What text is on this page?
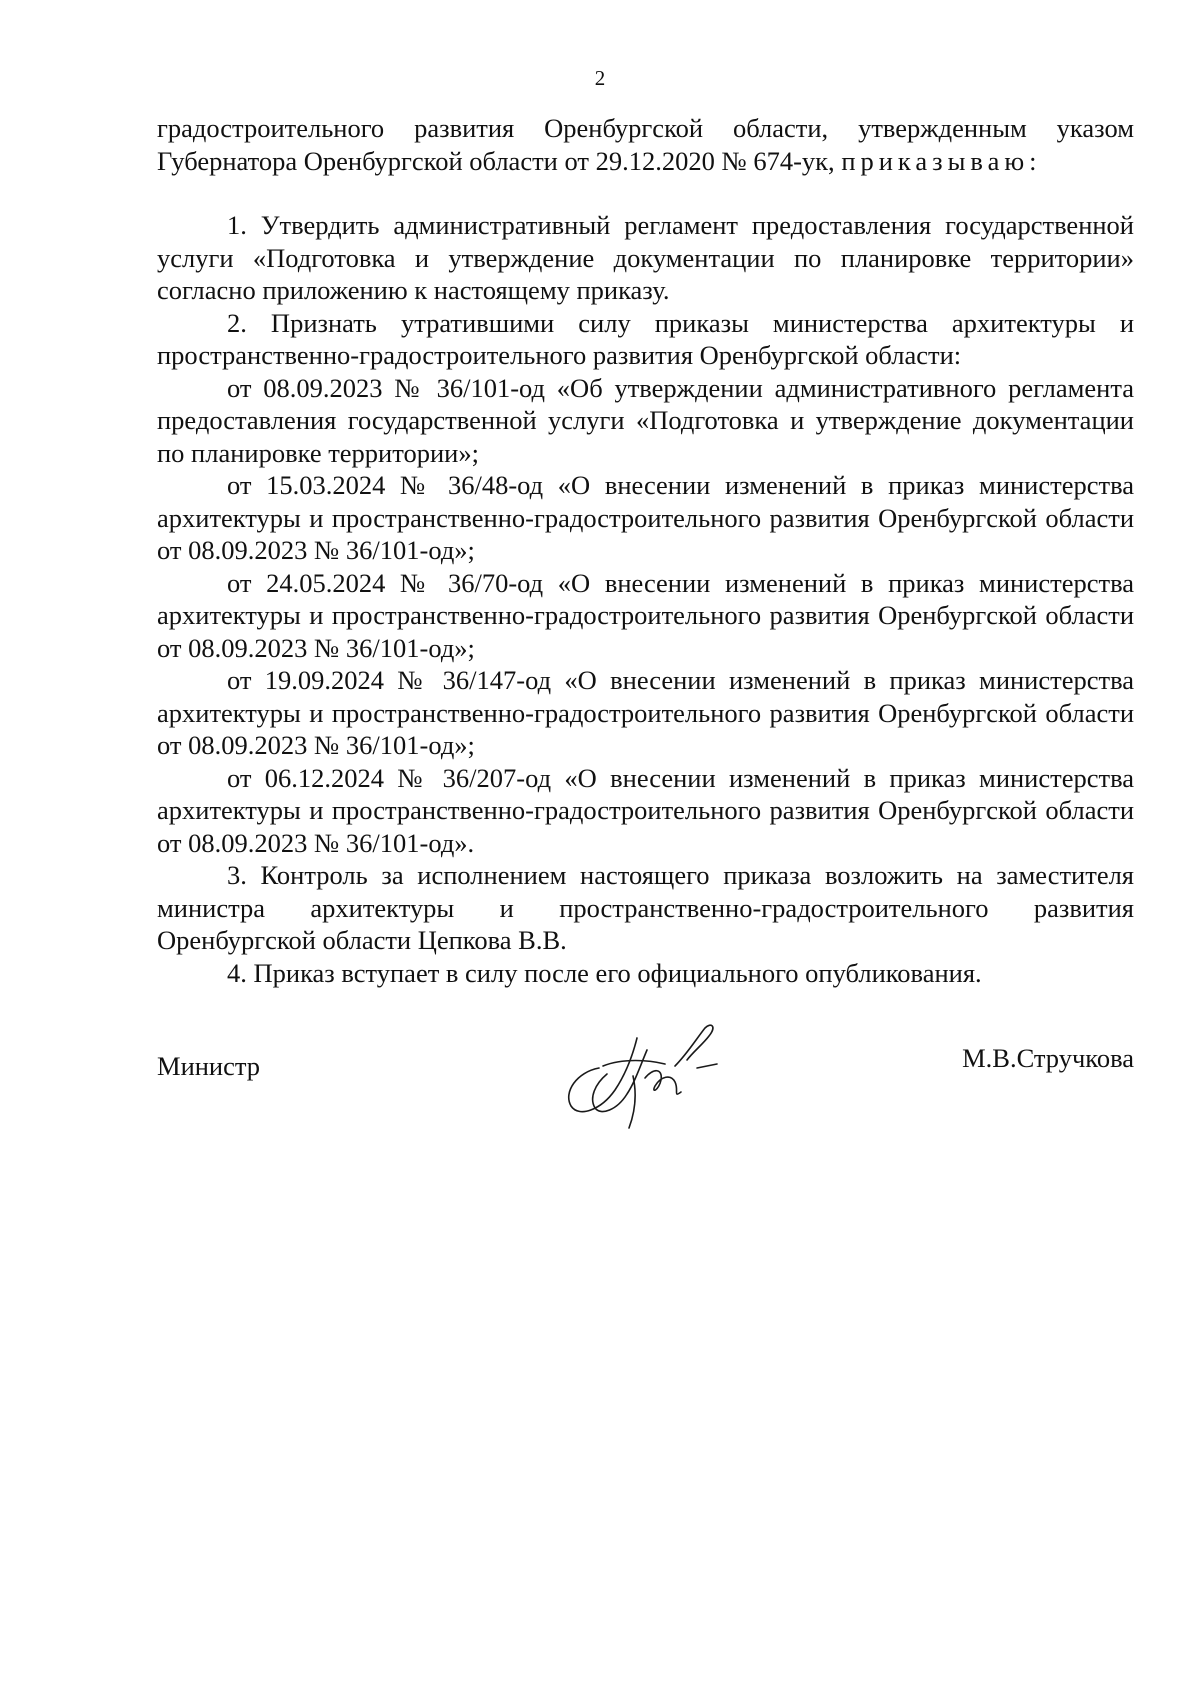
2

градостроительного развития Оренбургской области, утвержденным указом Губернатора Оренбургской области от 29.12.2020 № 674-ук, приказываю:

1. Утвердить административный регламент предоставления государственной услуги «Подготовка и утверждение документации по планировке территории» согласно приложению к настоящему приказу.

2. Признать утратившими силу приказы министерства архитектуры и пространственно-градостроительного развития Оренбургской области:

от 08.09.2023 № 36/101-од «Об утверждении административного регламента предоставления государственной услуги «Подготовка и утверждение документации по планировке территории»;

от 15.03.2024 № 36/48-од «О внесении изменений в приказ министерства архитектуры и пространственно-градостроительного развития Оренбургской области от 08.09.2023 № 36/101-од»;

от 24.05.2024 № 36/70-од «О внесении изменений в приказ министерства архитектуры и пространственно-градостроительного развития Оренбургской области от 08.09.2023 № 36/101-од»;

от 19.09.2024 № 36/147-од «О внесении изменений в приказ министерства архитектуры и пространственно-градостроительного развития Оренбургской области от 08.09.2023 № 36/101-од»;

от 06.12.2024 № 36/207-од «О внесении изменений в приказ министерства архитектуры и пространственно-градостроительного развития Оренбургской области от 08.09.2023 № 36/101-од».

3. Контроль за исполнением настоящего приказа возложить на заместителя министра архитектуры и пространственно-градостроительного развития Оренбургской области Цепкова В.В.

4. Приказ вступает в силу после его официального опубликования.

Министр	М.В.Стручкова
